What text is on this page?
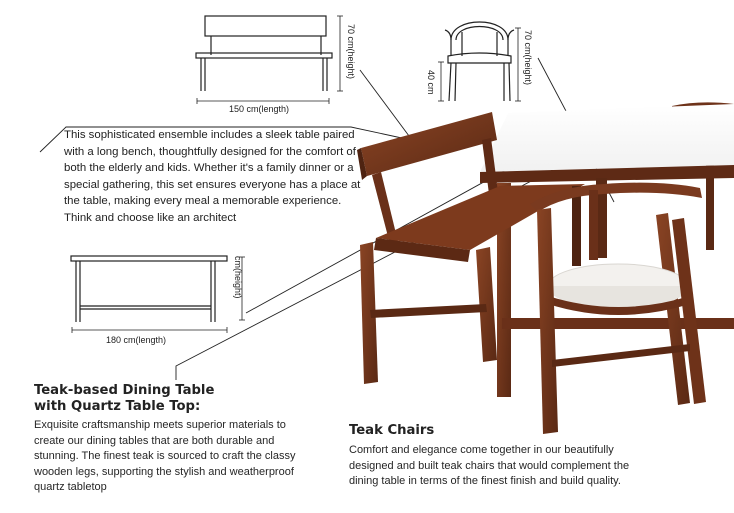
150 cm(length)
70 cm(height)
40 cm	70 cm(height)
180 cm(length)
cm(height)
This sophisticated ensemble includes a sleek table paired with a long bench, thoughtfully designed for the comfort of both the elderly and kids. Whether it's a family dinner or a special gathering, this set ensures everyone has a place at the table, making every meal a memorable experience. Think and choose like an architect
Teak-based Dining Table
with Quartz Table Top:
Exquisite craftsmanship meets superior materials to create our dining tables that are both durable and stunning. The finest teak is sourced to craft the classy wooden legs, supporting the stylish and weatherproof quartz tabletop
Teak Chairs
Comfort and elegance come together in our beautifully designed and built teak chairs that would complement the dining table in terms of the finest finish and build quality.
